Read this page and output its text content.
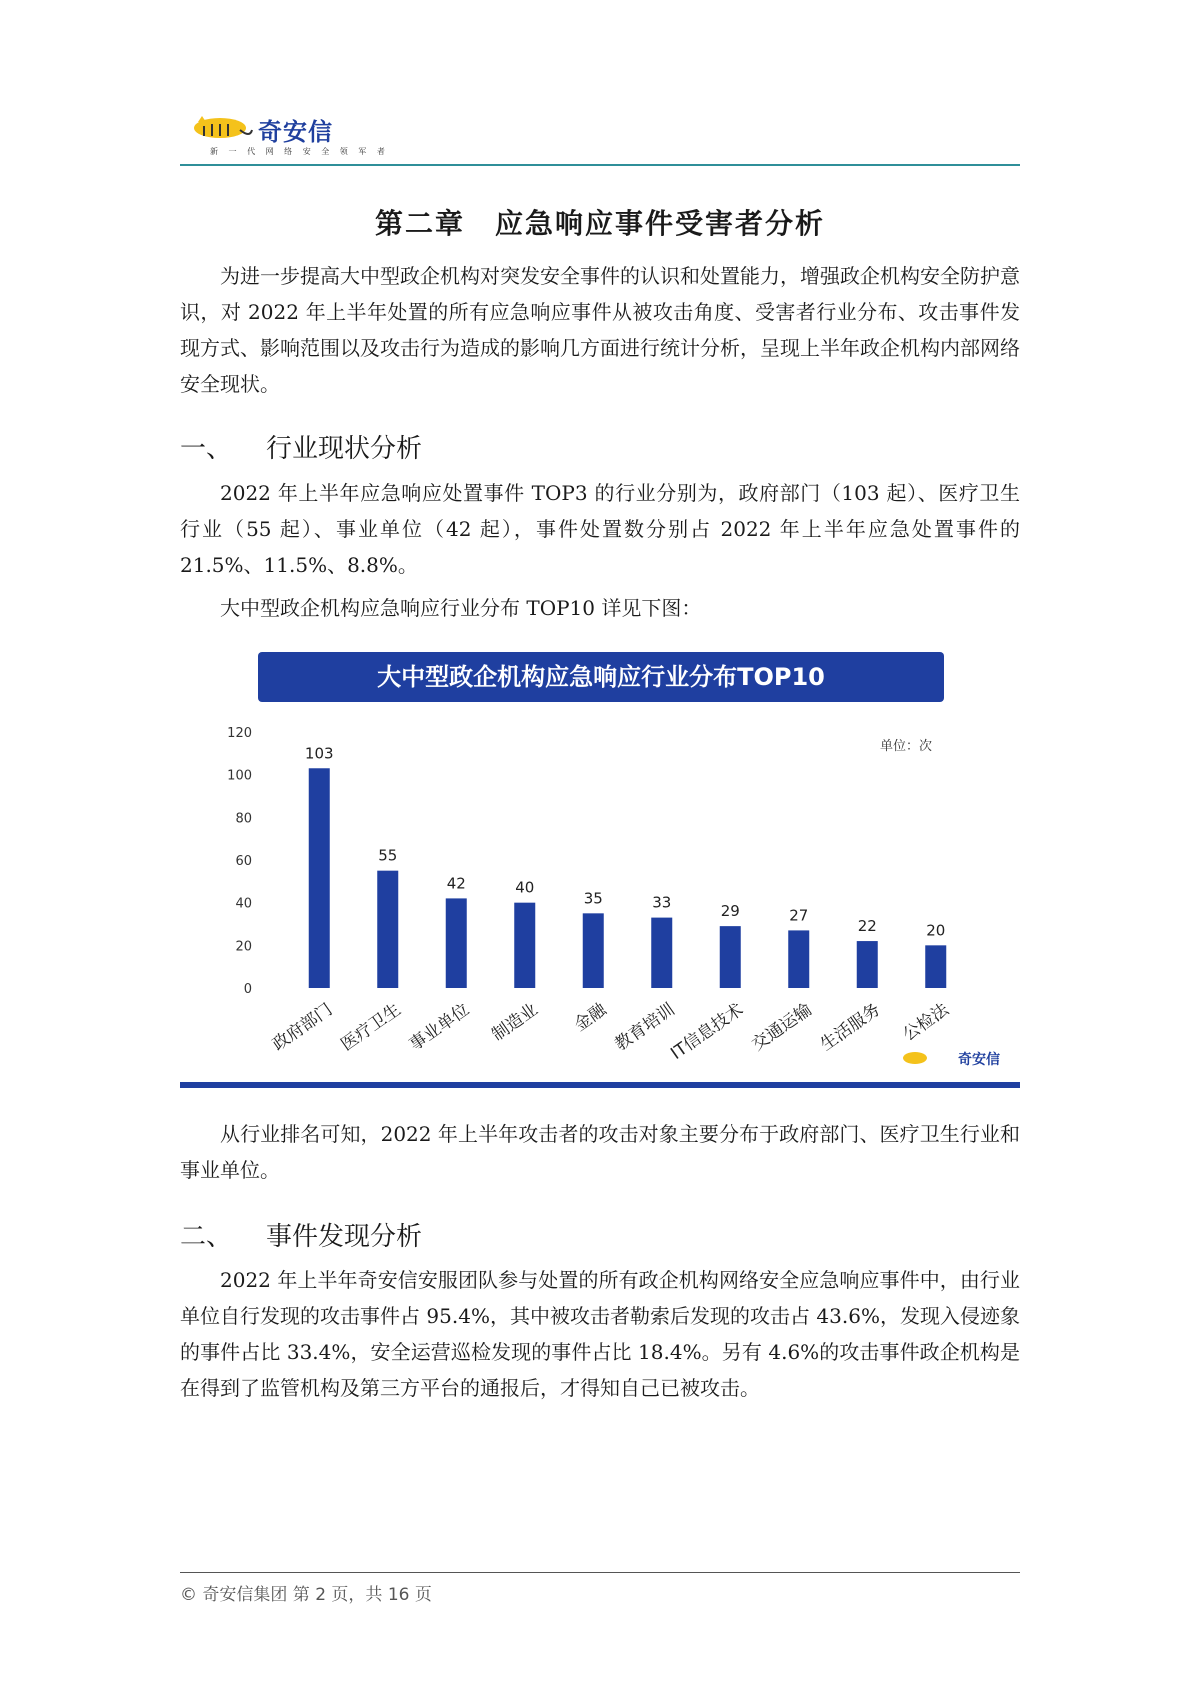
奇安信
新 一 代 网 络 安 全 领 军 者
第二章　应急响应事件受害者分析

为进一步提高大中型政企机构对突发安全事件的认识和处置能力，增强政企机构安全防护意识，对 2022 年上半年处置的所有应急响应事件从被攻击角度、受害者行业分布、攻击事件发现方式、影响范围以及攻击行为造成的影响几方面进行统计分析，呈现上半年政企机构内部网络安全现状。

一、 行业现状分析

2022 年上半年应急响应处置事件 TOP3 的行业分别为，政府部门（103 起）、医疗卫生行业（55 起）、事业单位（42 起），事件处置数分别占 2022 年上半年应急处置事件的 21.5%、11.5%、8.8%。

大中型政企机构应急响应行业分布 TOP10 详见下图：

大中型政企机构应急响应行业分布TOP10
0
20
40
60
80
100
120
单位：次
103
政府部门
55
医疗卫生
42
事业单位
40
制造业
35
金融
33
教育培训
29
IT信息技术
27
交通运输
22
生活服务
20
公检法
奇安信

从行业排名可知，2022 年上半年攻击者的攻击对象主要分布于政府部门、医疗卫生行业和事业单位。

二、 事件发现分析

2022 年上半年奇安信安服团队参与处置的所有政企机构网络安全应急响应事件中，由行业单位自行发现的攻击事件占 95.4%，其中被攻击者勒索后发现的攻击占 43.6%，发现入侵迹象的事件占比 33.4%，安全运营巡检发现的事件占比 18.4%。另有 4.6%的攻击事件政企机构是在得到了监管机构及第三方平台的通报后，才得知自己已被攻击。

© 奇安信集团 第 2 页，共 16 页
